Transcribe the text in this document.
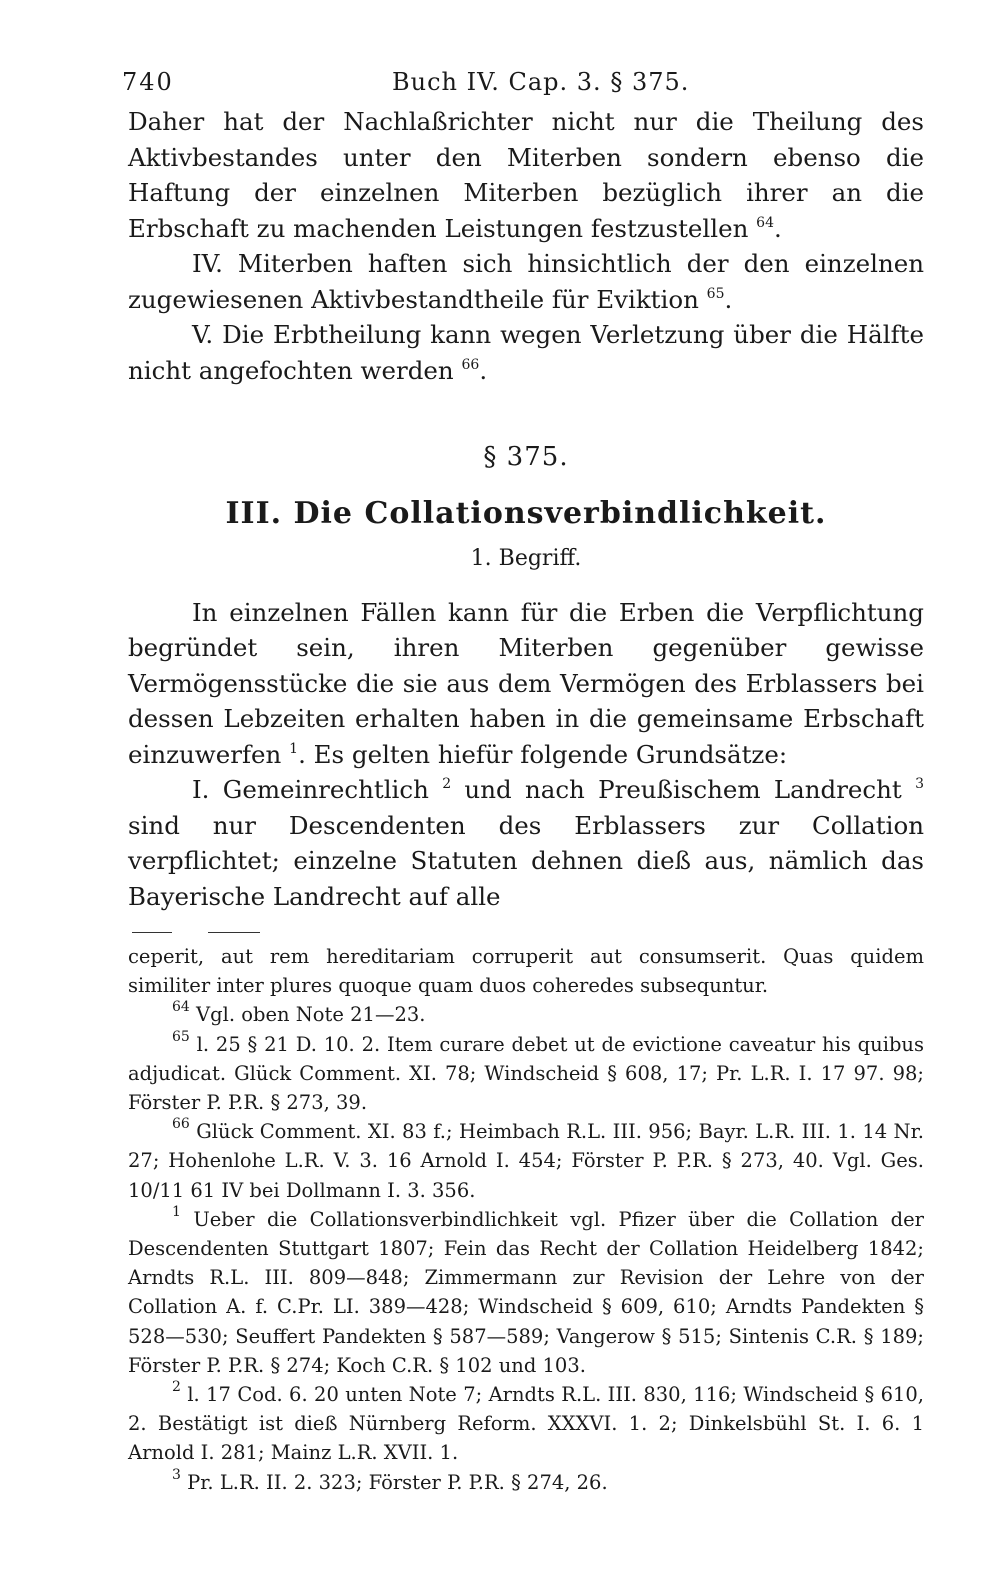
740	Buch IV. Cap. 3. § 375.

Daher hat der Nachlaßrichter nicht nur die Theilung des Aktivbestandes unter den Miterben sondern ebenso die Haftung der einzelnen Miterben bezüglich ihrer an die Erbschaft zu machenden Leistungen festzustellen $^{64}$.

IV. Miterben haften sich hinsichtlich der den einzelnen zugewiesenen Aktivbestandtheile für Eviktion $^{65}$.

V. Die Erbtheilung kann wegen Verletzung über die Hälfte nicht angefochten werden $^{66}$.

§ 375.
III. Die Collationsverbindlichkeit.
1. Begriff.

In einzelnen Fällen kann für die Erben die Verpflichtung begründet sein, ihren Miterben gegenüber gewisse Vermögensstücke die sie aus dem Vermögen des Erblassers bei dessen Lebzeiten erhalten haben in die gemeinsame Erbschaft einzuwerfen $^1$. Es gelten hiefür folgende Grundsätze:

I. Gemeinrechtlich $^2$ und nach Preußischem Landrecht $^3$ sind nur Descendenten des Erblassers zur Collation verpflichtet; einzelne Statuten dehnen dieß aus, nämlich das Bayerische Landrecht auf alle

ceperit, aut rem hereditariam corruperit aut consumserit. Quas quidem similiter inter plures quoque quam duos coheredes subsequntur.

$^{64}$ Vgl. oben Note 21—23.

$^{65}$ l. 25 § 21 D. 10. 2. Item curare debet ut de evictione caveatur his quibus adjudicat. Glück Comment. XI. 78; Windscheid § 608, 17; Pr. L.R. I. 17 97. 98; Förster P. P.R. § 273, 39.

$^{66}$ Glück Comment. XI. 83 f.; Heimbach R.L. III. 956; Bayr. L.R. III. 1. 14 Nr. 27; Hohenlohe L.R. V. 3. 16 Arnold I. 454; Förster P. P.R. § 273, 40. Vgl. Ges. 10/11 61 IV bei Dollmann I. 3. 356.

$^1$ Ueber die Collationsverbindlichkeit vgl. Pfizer über die Collation der Descendenten Stuttgart 1807; Fein das Recht der Collation Heidelberg 1842; Arndts R.L. III. 809—848; Zimmermann zur Revision der Lehre von der Collation A. f. C.Pr. LI. 389—428; Windscheid § 609, 610; Arndts Pandekten § 528—530; Seuffert Pandekten § 587—589; Vangerow § 515; Sintenis C.R. § 189; Förster P. P.R. § 274; Koch C.R. § 102 und 103.

$^2$ l. 17 Cod. 6. 20 unten Note 7; Arndts R.L. III. 830, 116; Windscheid § 610, 2. Bestätigt ist dieß Nürnberg Reform. XXXVI. 1. 2; Dinkelsbühl St. I. 6. 1 Arnold I. 281; Mainz L.R. XVII. 1.

$^3$ Pr. L.R. II. 2. 323; Förster P. P.R. § 274, 26.
